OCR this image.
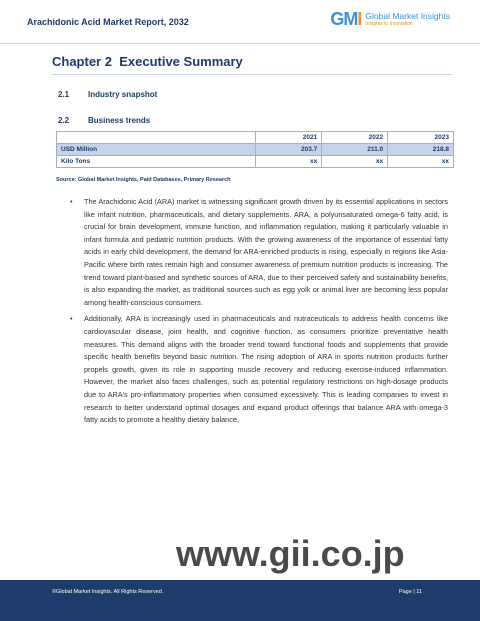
Arachidonic Acid Market Report, 2032	GMI Global Market Insights
Insights to Innovation
Chapter 2 Executive Summary
2.1 Industry snapshot
2.2 Business trends
	2021	2022	2023
USD Million	203.7	211.0	218.8
Kilo Tons	xx	xx	xx
Source: Global Market Insights, Paid Databases, Primary Research
• The Arachidonic Acid (ARA) market is witnessing significant growth driven by its essential applications in sectors like infant nutrition, pharmaceuticals, and dietary supplements. ARA, a polyunsaturated omega-6 fatty acid, is crucial for brain development, immune function, and inflammation regulation, making it particularly valuable in infant formula and pediatric nutrition products. With the growing awareness of the importance of essential fatty acids in early child development, the demand for ARA-enriched products is rising, especially in regions like Asia-Pacific where birth rates remain high and consumer awareness of premium nutrition products is increasing. The trend toward plant-based and synthetic sources of ARA, due to their perceived safety and sustainability benefits, is also expanding the market, as traditional sources such as egg yolk or animal liver are becoming less popular among health-conscious consumers.
• Additionally, ARA is increasingly used in pharmaceuticals and nutraceuticals to address health concerns like cardiovascular disease, joint health, and cognitive function, as consumers prioritize preventative health measures. This demand aligns with the broader trend toward functional foods and supplements that provide specific health benefits beyond basic nutrition. The rising adoption of ARA in sports nutrition products further propels growth, given its role in supporting muscle recovery and reducing exercise-induced inflammation. However, the market also faces challenges, such as potential regulatory restrictions on high-dosage products due to ARA's pro-inflammatory properties when consumed excessively. This is leading companies to invest in research to better understand optimal dosages and expand product offerings that balance ARA with omega-3 fatty acids to promote a healthy dietary balance.
www.gii.co.jp
©Global Market Insights. All Rights Reserved.	Page | 11
